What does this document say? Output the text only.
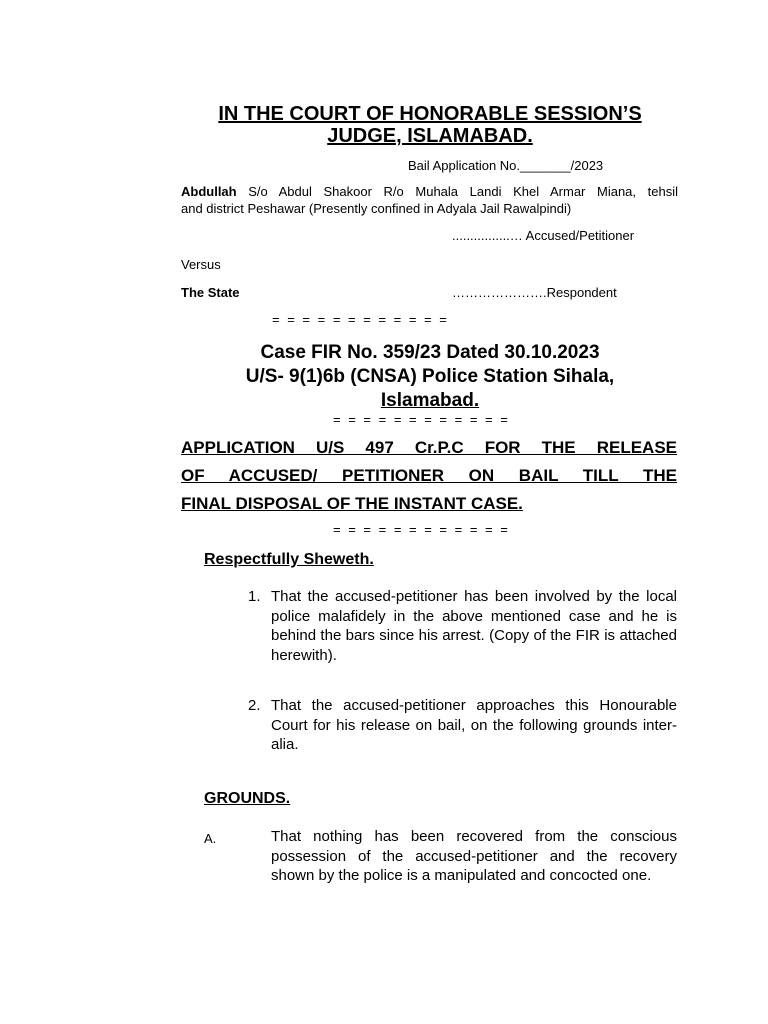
IN THE COURT OF HONORABLE SESSION’S
JUDGE, ISLAMABAD.
Bail Application No._______/2023
Abdullah S/o Abdul Shakoor R/o Muhala Landi Khel Armar Miana, tehsil
and district Peshawar (Presently confined in Adyala Jail Rawalpindi)
................… Accused/Petitioner
Versus
The State	………………….Respondent
= = = = = = = = = = = =
Case FIR No. 359/23 Dated 30.10.2023
U/S- 9(1)6b (CNSA) Police Station Sihala,
Islamabad.
= = = = = = = = = = = =
APPLICATION U/S 497 Cr.P.C FOR THE RELEASE
OF ACCUSED/ PETITIONER ON BAIL TILL THE
FINAL DISPOSAL OF THE INSTANT CASE.
= = = = = = = = = = = =
Respectfully Sheweth.
1. That the accused-petitioner has been involved by the local police malafidely in the above mentioned case and he is behind the bars since his arrest. (Copy of the FIR is attached herewith).
2. That the accused-petitioner approaches this Honourable Court for his release on bail, on the following grounds inter-alia.
GROUNDS.
A.	That nothing has been recovered from the conscious possession of the accused-petitioner and the recovery shown by the police is a manipulated and concocted one.
